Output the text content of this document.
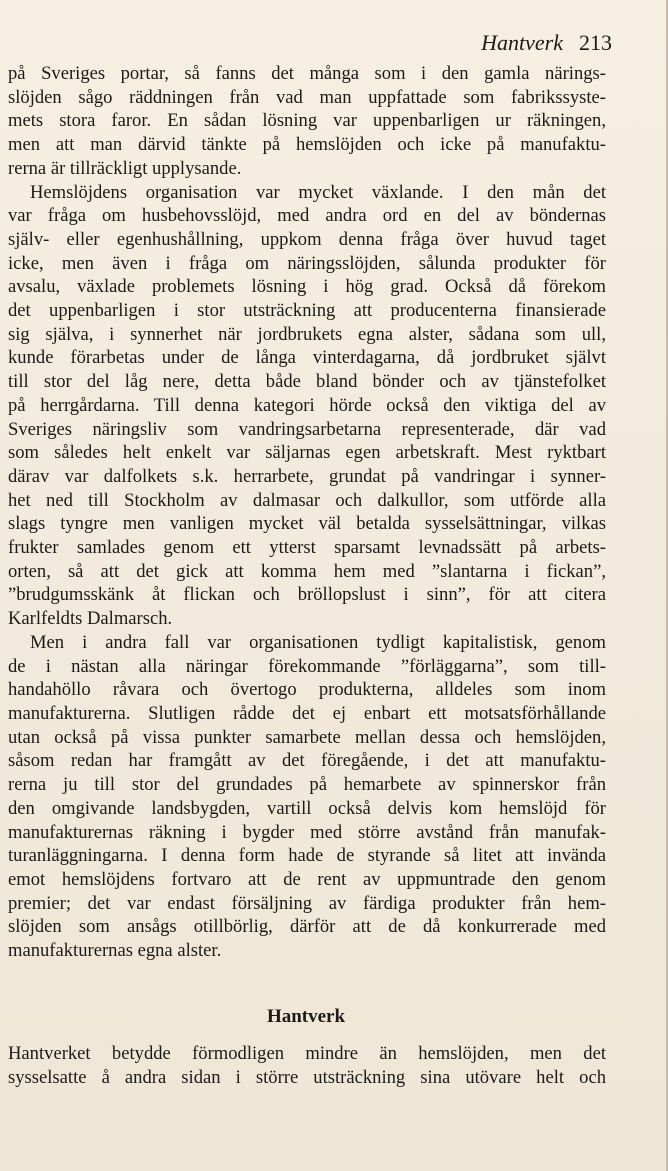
Hantverk 213
på Sveriges portar, så fanns det många som i den gamla närings-
slöjden sågo räddningen från vad man uppfattade som fabrikssyste-
mets stora faror. En sådan lösning var uppenbarligen ur räkningen,
men att man därvid tänkte på hemslöjden och icke på manufaktu-
rerna är tillräckligt upplysande.
Hemslöjdens organisation var mycket växlande. I den mån det
var fråga om husbehovsslöjd, med andra ord en del av böndernas
själv- eller egenhushållning, uppkom denna fråga över huvud taget
icke, men även i fråga om näringsslöjden, sålunda produkter för
avsalu, växlade problemets lösning i hög grad. Också då förekom
det uppenbarligen i stor utsträckning att producenterna finansierade
sig själva, i synnerhet när jordbrukets egna alster, sådana som ull,
kunde förarbetas under de långa vinterdagarna, då jordbruket självt
till stor del låg nere, detta både bland bönder och av tjänstefolket
på herrgårdarna. Till denna kategori hörde också den viktiga del av
Sveriges näringsliv som vandringsarbetarna representerade, där vad
som således helt enkelt var säljarnas egen arbetskraft. Mest ryktbart
därav var dalfolkets s.k. herrarbete, grundat på vandringar i synner-
het ned till Stockholm av dalmasar och dalkullor, som utförde alla
slags tyngre men vanligen mycket väl betalda sysselsättningar, vilkas
frukter samlades genom ett ytterst sparsamt levnadssätt på arbets-
orten, så att det gick att komma hem med ”slantarna i fickan”,
”brudgumsskänk åt flickan och bröllopslust i sinn”, för att citera
Karlfeldts Dalmarsch.
Men i andra fall var organisationen tydligt kapitalistisk, genom
de i nästan alla näringar förekommande ”förläggarna”, som till-
handahöllo råvara och övertogo produkterna, alldeles som inom
manufakturerna. Slutligen rådde det ej enbart ett motsatsförhållande
utan också på vissa punkter samarbete mellan dessa och hemslöjden,
såsom redan har framgått av det föregående, i det att manufaktu-
rerna ju till stor del grundades på hemarbete av spinnerskor från
den omgivande landsbygden, vartill också delvis kom hemslöjd för
manufakturernas räkning i bygder med större avstånd från manufak-
turanläggningarna. I denna form hade de styrande så litet att invända
emot hemslöjdens fortvaro att de rent av uppmuntrade den genom
premier; det var endast försäljning av färdiga produkter från hem-
slöjden som ansågs otillbörlig, därför att de då konkurrerade med
manufakturernas egna alster.
Hantverk
Hantverket betydde förmodligen mindre än hemslöjden, men det
sysselsatte å andra sidan i större utsträckning sina utövare helt och
